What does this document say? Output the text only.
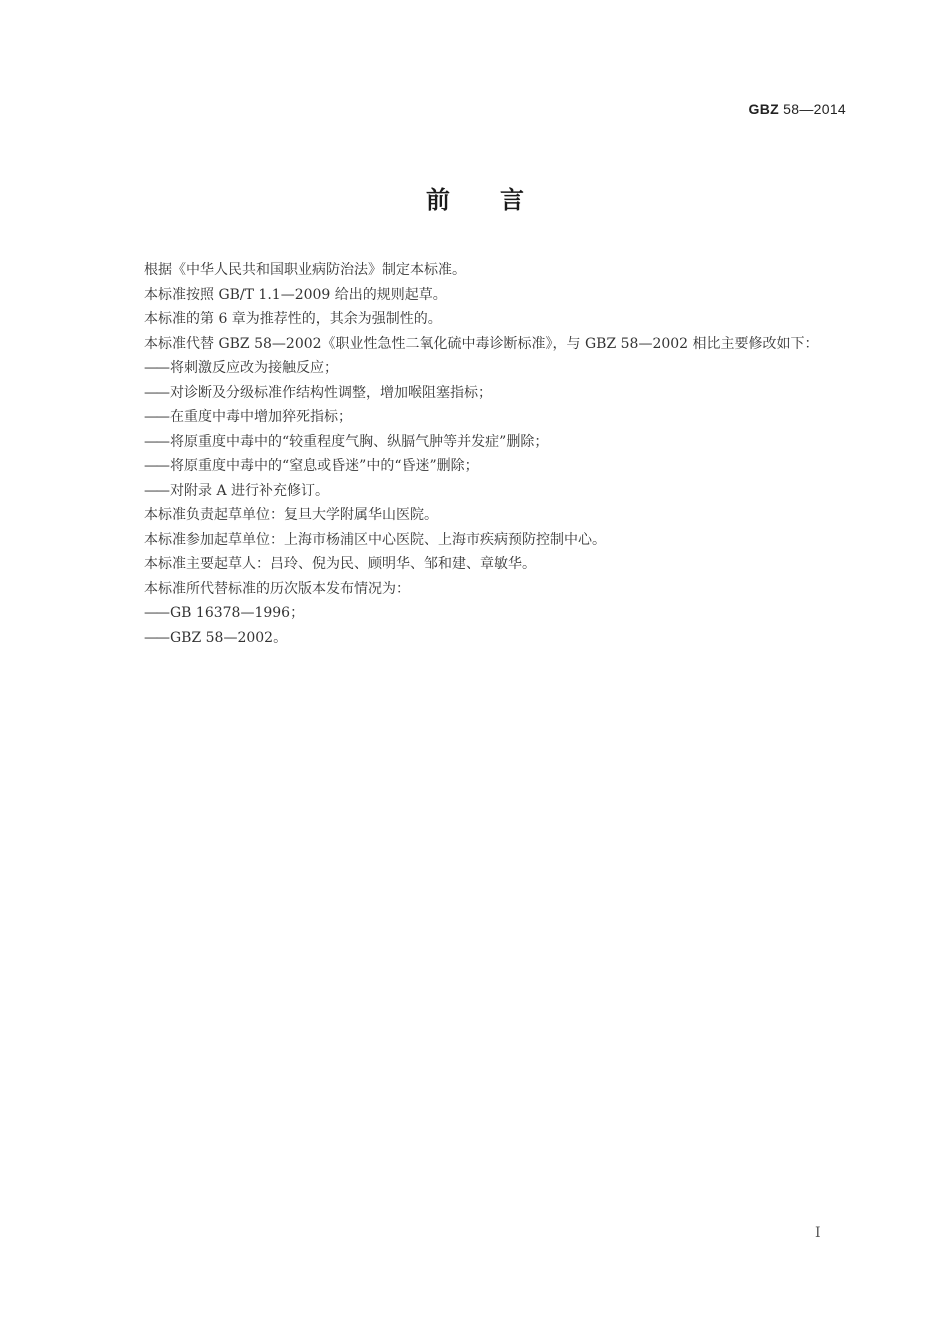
GBZ 58—2014
前言

根据《中华人民共和国职业病防治法》制定本标准。

本标准按照 GB/T 1.1—2009 给出的规则起草。

本标准的第 6 章为推荐性的，其余为强制性的。

本标准代替 GBZ 58—2002《职业性急性二氧化硫中毒诊断标准》，与 GBZ 58—2002 相比主要修改如下：

—— 将刺激反应改为接触反应；

—— 对诊断及分级标准作结构性调整，增加喉阻塞指标；

—— 在重度中毒中增加猝死指标；

—— 将原重度中毒中的“较重程度气胸、纵膈气肿等并发症”删除；

—— 将原重度中毒中的“窒息或昏迷”中的“昏迷”删除；

—— 对附录 A 进行补充修订。

本标准负责起草单位：复旦大学附属华山医院。

本标准参加起草单位：上海市杨浦区中心医院、上海市疾病预防控制中心。

本标准主要起草人：吕玲、倪为民、顾明华、邹和建、章敏华。

本标准所代替标准的历次版本发布情况为：

—— GB 16378—1996；

—— GBZ 58—2002。

I
